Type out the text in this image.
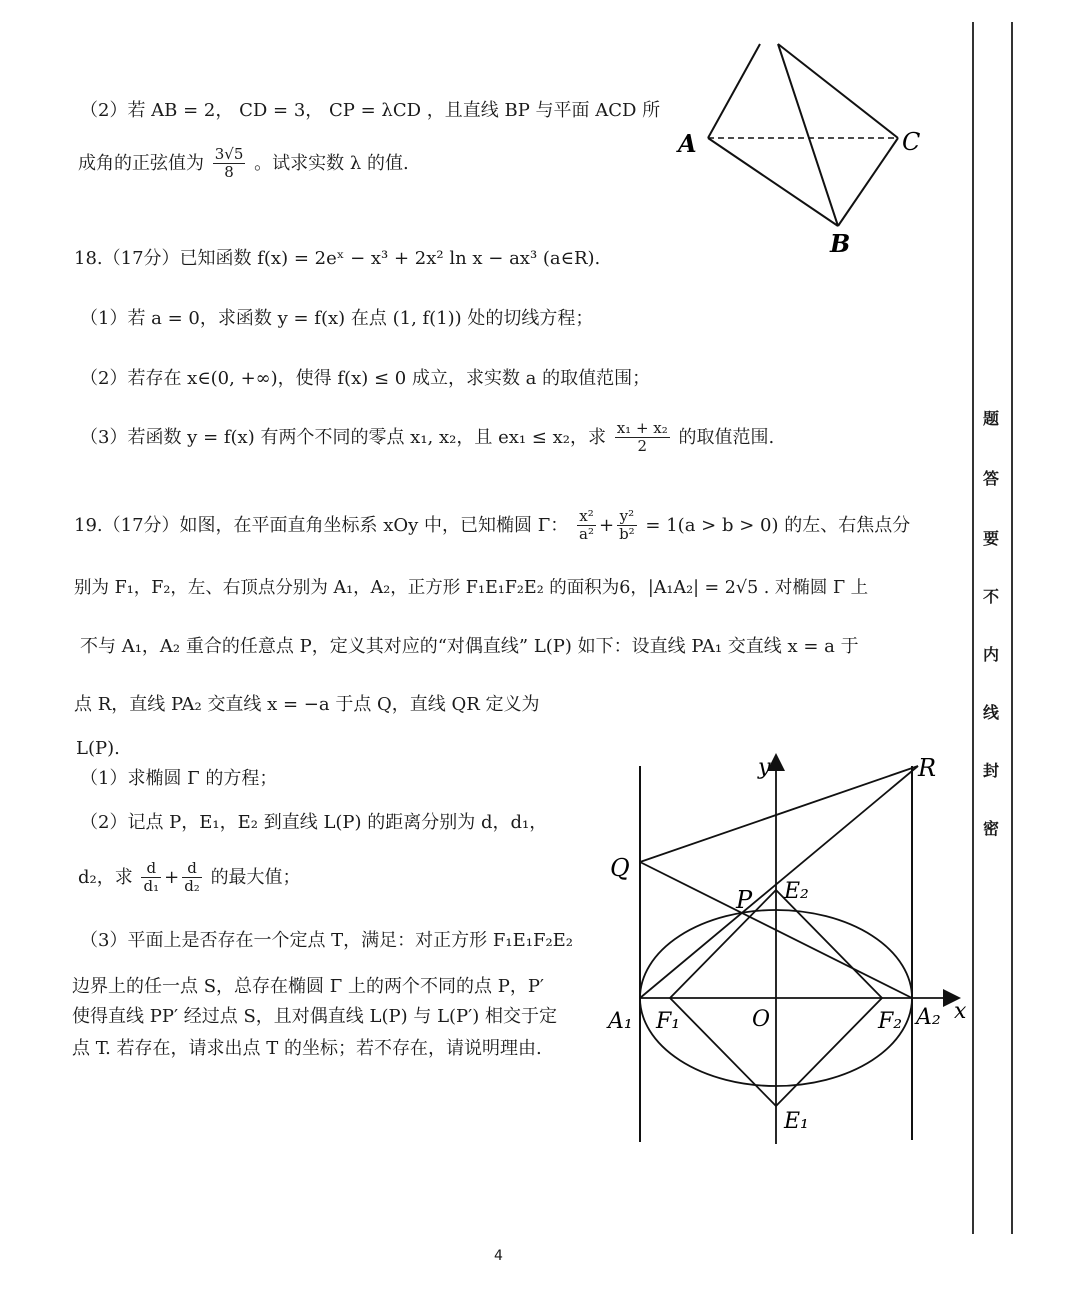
（2）若 AB = 2， CD = 3， CP = λCD ，且直线 BP 与平面 ACD 所
成角的正弦值为 $\frac{3√5}{8}$ 。试求实数 λ 的值.
A	C
B
18.（17分）已知函数 f(x) = 2eˣ − x³ + 2x² ln x − ax³ (a∈R).
（1）若 a = 0，求函数 y = f(x) 在点 (1, f(1)) 处的切线方程；
（2）若存在 x∈(0, +∞)，使得 f(x) ≤ 0 成立，求实数 a 的取值范围；
（3）若函数 y = f(x) 有两个不同的零点 x₁, x₂，且 ex₁ ≤ x₂，求 $\frac{\text{x₁ + x₂}}{2}$ 的取值范围.
19.（17分）如图，在平面直角坐标系 xOy 中，已知椭圆 Γ： $\frac{\text{x²}}{\text{a²}} + \frac{\text{y²}}{\text{b²}} = 1(a > b > 0)$ 的左、右焦点分
别为 F₁，F₂，左、右顶点分别为 A₁，A₂，正方形 F₁E₁F₂E₂ 的面积为6，|A₁A₂| = 2√5 . 对椭圆 Γ 上
不与 A₁，A₂ 重合的任意点 P，定义其对应的“对偶直线” L(P) 如下：设直线 PA₁ 交直线 x = a 于
点 R，直线 PA₂ 交直线 x = −a 于点 Q，直线 QR 定义为
L(P).
（1）求椭圆 Γ 的方程；
（2）记点 P，E₁，E₂ 到直线 L(P) 的距离分别为 d，d₁，
d₂，求 $\frac{d}{\text{d₁}} + \frac{d}{\text{d₂}}$ 的最大值；
（3）平面上是否存在一个定点 T，满足：对正方形 F₁E₁F₂E₂
边界上的任一点 S，总存在椭圆 Γ 上的两个不同的点 P，P′
使得直线 PP′ 经过点 S，且对偶直线 L(P) 与 L(P′) 相交于定
点 T. 若存在，请求出点 T 的坐标；若不存在，请说明理由.
y
x
R
Q
P E₂
E₁
A₁ F₁	O	F₂ A₂
题
答
要
不
内
线
封
密
4
